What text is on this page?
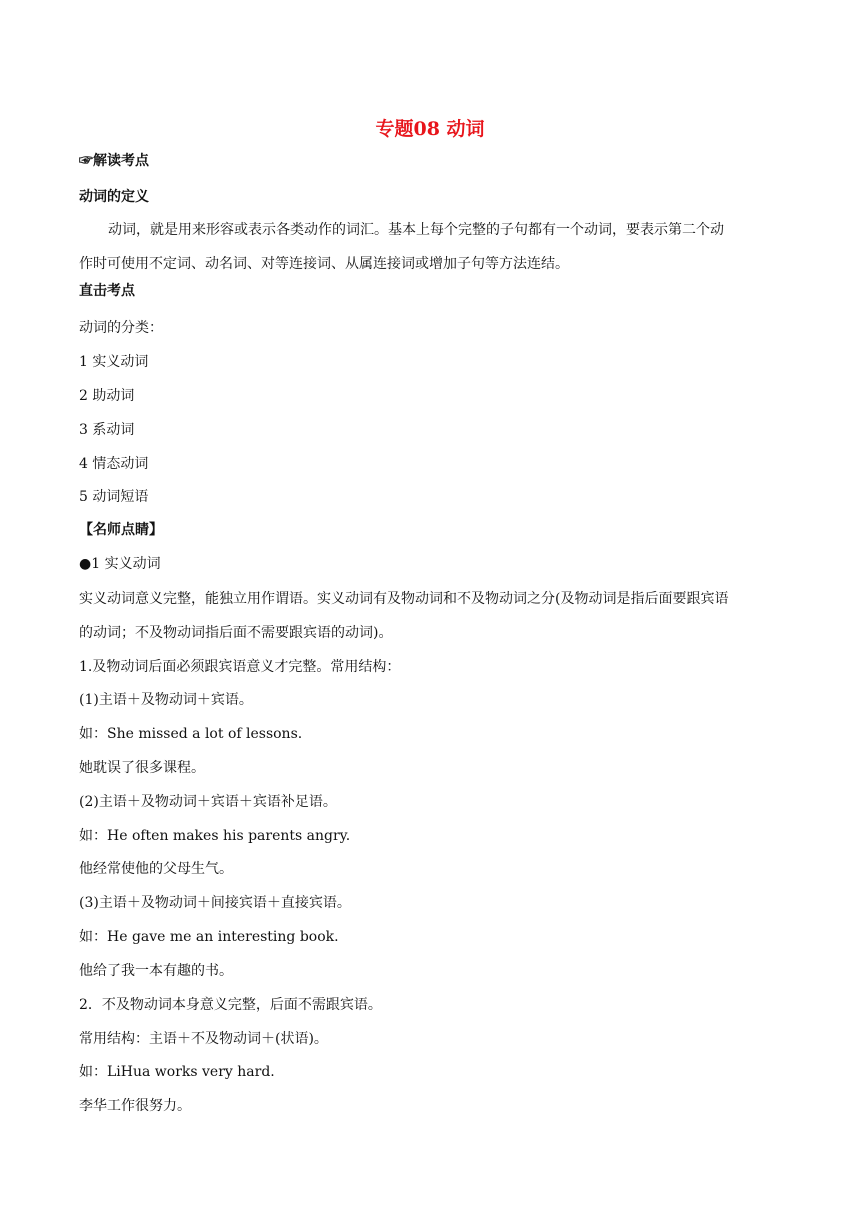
专题08 动词
☞解读考点
动词的定义
动词，就是用来形容或表示各类动作的词汇。基本上每个完整的子句都有一个动词，要表示第二个动
作时可使用不定词、动名词、对等连接词、从属连接词或增加子句等方法连结。
直击考点
动词的分类：
1 实义动词
2 助动词
3 系动词
4 情态动词
5 动词短语
【名师点睛】
●1 实义动词
实义动词意义完整，能独立用作谓语。实义动词有及物动词和不及物动词之分(及物动词是指后面要跟宾语
的动词；不及物动词指后面不需要跟宾语的动词)。
1.及物动词后面必须跟宾语意义才完整。常用结构：
(1)主语＋及物动词＋宾语。
如：She missed a lot of lessons.
她耽误了很多课程。
(2)主语＋及物动词＋宾语＋宾语补足语。
如：He often makes his parents angry.
他经常使他的父母生气。
(3)主语＋及物动词＋间接宾语＋直接宾语。
如：He gave me an interesting book.
他给了我一本有趣的书。
2．不及物动词本身意义完整，后面不需跟宾语。
常用结构：主语＋不及物动词＋(状语)。
如：LiHua works very hard.
李华工作很努力。
